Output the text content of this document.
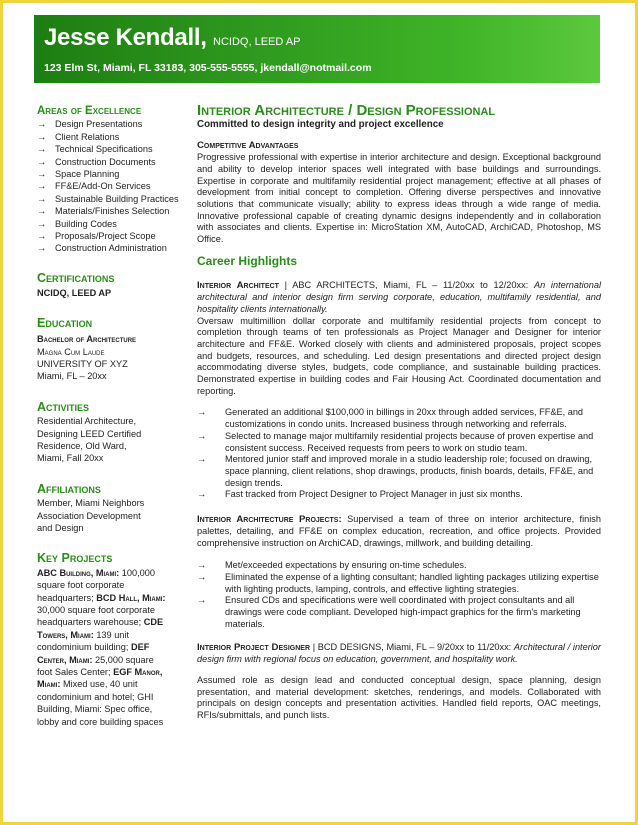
Jesse Kendall, NCIDQ, LEED AP
123 Elm St, Miami, FL 33183, 305-555-5555, jkendall@notmail.com
Areas of Excellence
→ Design Presentations
→ Client Relations
→ Technical Specifications
→ Construction Documents
→ Space Planning
→ FF&E/Add-On Services
→ Sustainable Building Practices
→ Materials/Finishes Selection
→ Building Codes
→ Proposals/Project Scope
→ Construction Administration
Certifications
NCIDQ, LEED AP
Education
Bachelor of Architecture
Magna Cum Laude
UNIVERSITY OF XYZ
Miami, FL – 20xx
Activities
Residential Architecture, Designing LEED Certified Residence, Old Ward, Miami, Fall 20xx
Affiliations
Member, Miami Neighbors Association Development and Design
Key Projects
ABC Building, Miami: 100,000 square foot corporate headquarters; BCD Hall, Miami: 30,000 square foot corporate headquarters warehouse; CDE Towers, Miami: 139 unit condominium building; DEF Center, Miami: 25,000 square foot Sales Center; EGF Manor, Miami: Mixed use, 40 unit condominium and hotel; GHI Building, Miami: Spec office, lobby and core building spaces
Interior Architecture / Design Professional
Committed to design integrity and project excellence
Competitive Advantages

Progressive professional with expertise in interior architecture and design. Exceptional background and ability to develop interior spaces well integrated with base buildings and surroundings. Expertise in corporate and multifamily residential project management; effective at all phases of development from initial concept to completion. Offering diverse perspectives and innovative solutions that communicate visually; ability to express ideas through a wide range of media. Innovative professional capable of creating dynamic designs independently and in collaboration with associates and clients. Expertise in: MicroStation XM, AutoCAD, ArchiCAD, Photoshop, MS Office.

Career Highlights

Interior Architect | ABC ARCHITECTS, Miami, FL – 11/20xx to 12/20xx: An international architectural and interior design firm serving corporate, education, multifamily residential, and hospitality clients internationally.

Oversaw multimillion dollar corporate and multifamily residential projects from concept to completion through teams of ten professionals as Project Manager and Designer for interior architecture and FF&E. Worked closely with clients and administered proposals, project scopes and budgets, resources, and scheduling. Led design presentations and directed project design accommodating diverse styles, budgets, code compliance, and sustainable building practices. Demonstrated expertise in building codes and Fair Housing Act. Coordinated documentation and reporting.

→ Generated an additional $100,000 in billings in 20xx through added services, FF&E, and customizations in condo units. Increased business through networking and referrals.
→ Selected to manage major multifamily residential projects because of proven expertise and consistent success. Received requests from peers to work on studio team.
→ Mentored junior staff and improved morale in a studio leadership role; focused on drawing, space planning, client relations, shop drawings, products, finish boards, details, FF&E, and design trends.
→ Fast tracked from Project Designer to Project Manager in just six months.

Interior Architecture Projects: Supervised a team of three on interior architecture, finish palettes, detailing, and FF&E on complex education, recreation, and office projects. Provided comprehensive instruction on ArchiCAD, drawings, millwork, and building detailing.

→ Met/exceeded expectations by ensuring on-time schedules.
→ Eliminated the expense of a lighting consultant; handled lighting packages utilizing expertise with lighting products, lamping, controls, and effective lighting strategies.
→ Ensured CDs and specifications were well coordinated with project consultants and all drawings were code compliant. Developed high-impact graphics for the firm's marketing materials.

Interior Project Designer | BCD DESIGNS, Miami, FL – 9/20xx to 11/20xx: Architectural / interior design firm with regional focus on education, government, and hospitality work.

Assumed role as design lead and conducted conceptual design, space planning, design presentation, and material development: sketches, renderings, and models. Collaborated with principals on design concepts and presentation activities. Handled field reports, OAC meetings, RFIs/submittals, and punch lists.
